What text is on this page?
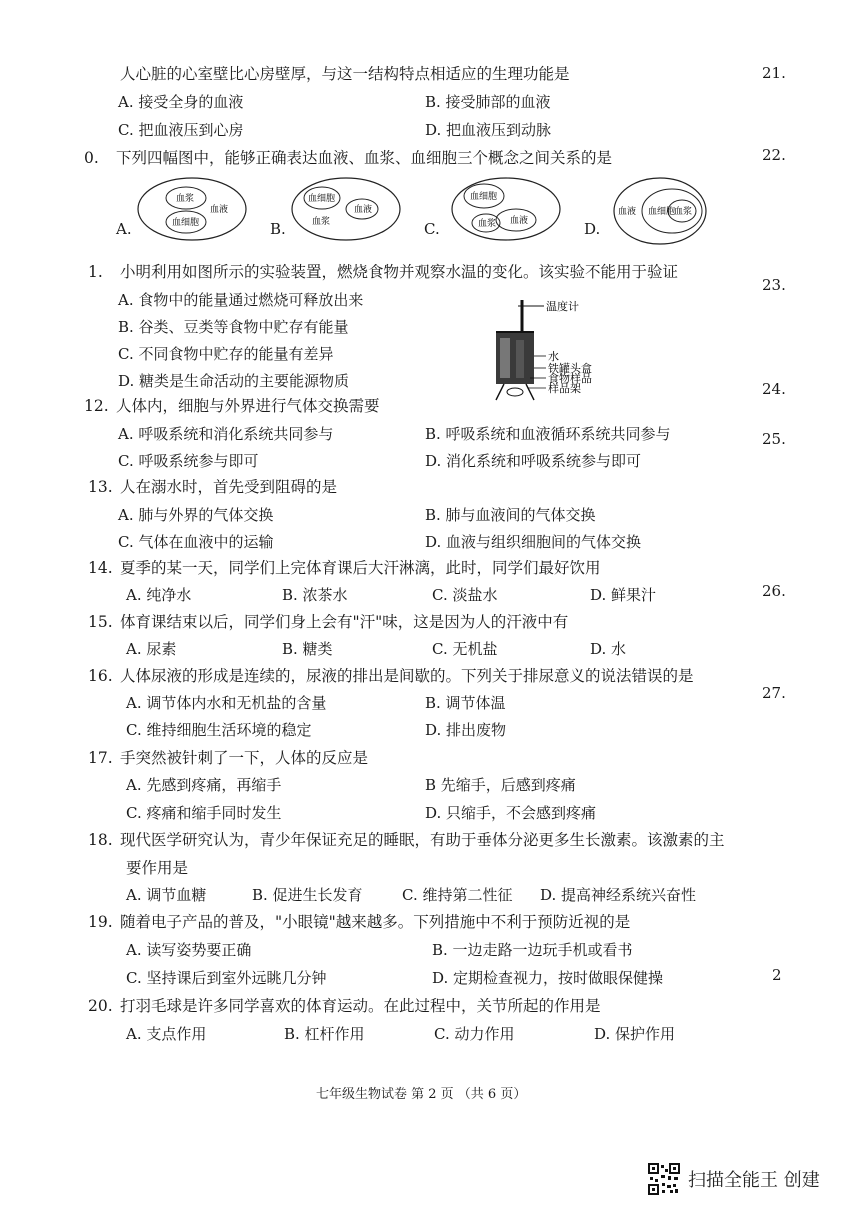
人心脏的心室壁比心房壁厚，与这一结构特点相适应的生理功能是
A. 接受全身的血液	B. 接受肺部的血液
C. 把血液压到心房	D. 把血液压到动脉
0. 下列四幅图中，能够正确表达血液、血浆、血细胞三个概念之间关系的是
A.
血浆
血细胞
血液
B.
血细胞
血液
血浆	C.
血细胞
血液
血浆	D.
血液 血细胞
血浆
1. 小明利用如图所示的实验装置，燃烧食物并观察水温的变化。该实验不能用于验证
A. 食物中的能量通过燃烧可释放出来
B. 谷类、豆类等食物中贮存有能量
C. 不同食物中贮存的能量有差异
D. 糖类是生命活动的主要能源物质
温度计
水
铁罐头盒
食物样品
样品架
12. 人体内，细胞与外界进行气体交换需要
A. 呼吸系统和消化系统共同参与	B. 呼吸系统和血液循环系统共同参与
C. 呼吸系统参与即可	D. 消化系统和呼吸系统参与即可
13. 人在溺水时，首先受到阻碍的是
A. 肺与外界的气体交换	B. 肺与血液间的气体交换
C. 气体在血液中的运输	D. 血液与组织细胞间的气体交换
14. 夏季的某一天，同学们上完体育课后大汗淋漓，此时，同学们最好饮用
A. 纯净水	B. 浓茶水	C. 淡盐水	D. 鲜果汁
15. 体育课结束以后，同学们身上会有"汗"味，这是因为人的汗液中有
A. 尿素	B. 糖类	C. 无机盐	D. 水
16. 人体尿液的形成是连续的，尿液的排出是间歇的。下列关于排尿意义的说法错误的是
A. 调节体内水和无机盐的含量	B. 调节体温
C. 维持细胞生活环境的稳定	D. 排出废物
17. 手突然被针刺了一下，人体的反应是
A. 先感到疼痛，再缩手	B 先缩手，后感到疼痛
C. 疼痛和缩手同时发生	D. 只缩手，不会感到疼痛
18. 现代医学研究认为，青少年保证充足的睡眠，有助于垂体分泌更多生长激素。该激素的主
要作用是
A. 调节血糖	B. 促进生长发育	C. 维持第二性征 D. 提高神经系统兴奋性
19. 随着电子产品的普及，"小眼镜"越来越多。下列措施中不利于预防近视的是
A. 读写姿势要正确	B. 一边走路一边玩手机或看书
C. 坚持课后到室外远眺几分钟	D. 定期检查视力，按时做眼保健操
20. 打羽毛球是许多同学喜欢的体育运动。在此过程中，关节所起的作用是
A. 支点作用	B. 杠杆作用	C. 动力作用	D. 保护作用
21.
22.
23.
24.
25.
26.
27.
2
七年级生物试卷 第 2 页 （共 6 页）
扫描全能王 创建
